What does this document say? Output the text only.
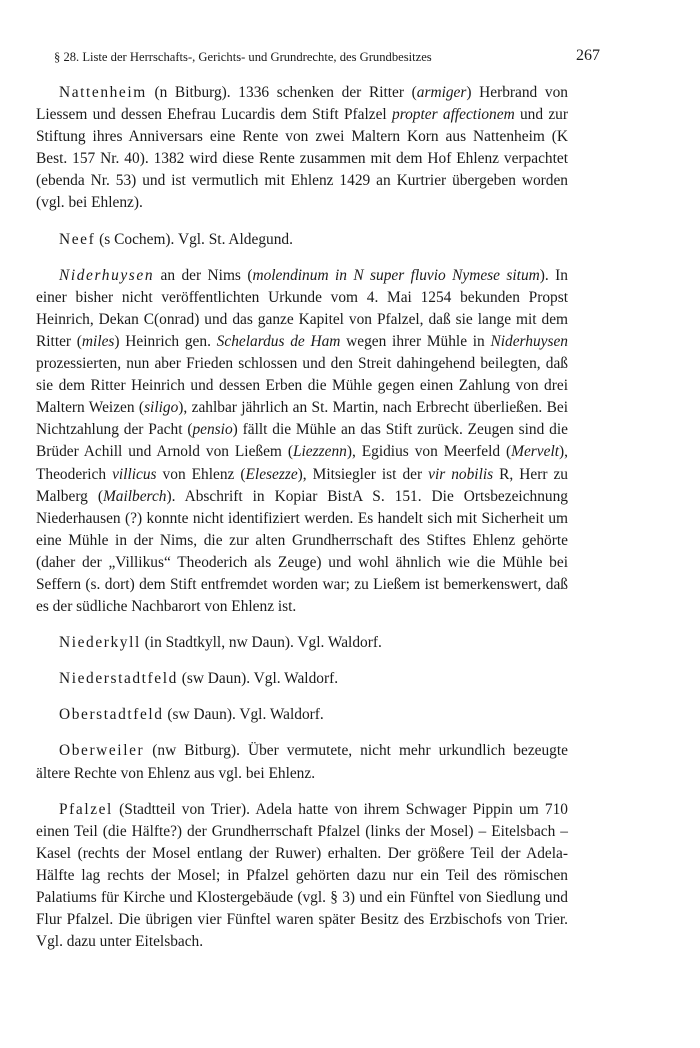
§ 28. Liste der Herrschafts-, Gerichts- und Grundrechte, des Grundbesitzes	267

Nattenheim (n Bitburg). 1336 schenken der Ritter (armiger) Herbrand von Liessem und dessen Ehefrau Lucardis dem Stift Pfalzel propter affectionem und zur Stiftung ihres Anniversars eine Rente von zwei Maltern Korn aus Nattenheim (K Best. 157 Nr. 40). 1382 wird diese Rente zusammen mit dem Hof Ehlenz verpachtet (ebenda Nr. 53) und ist vermutlich mit Ehlenz 1429 an Kurtrier übergeben worden (vgl. bei Ehlenz).

Neef (s Cochem). Vgl. St. Aldegund.

Niderhuysen an der Nims (molendinum in N super fluvio Nymese situm). In einer bisher nicht veröffentlichten Urkunde vom 4. Mai 1254 bekunden Propst Heinrich, Dekan C(onrad) und das ganze Kapitel von Pfalzel, daß sie lange mit dem Ritter (miles) Heinrich gen. Schelardus de Ham wegen ihrer Mühle in Niderhuysen prozessierten, nun aber Frieden schlossen und den Streit dahingehend beilegten, daß sie dem Ritter Heinrich und dessen Erben die Mühle gegen einen Zahlung von drei Maltern Weizen (siligo), zahlbar jährlich an St. Martin, nach Erbrecht überließen. Bei Nichtzahlung der Pacht (pensio) fällt die Mühle an das Stift zurück. Zeugen sind die Brüder Achill und Arnold von Ließem (Liezzenn), Egidius von Meerfeld (Mervelt), Theoderich villicus von Ehlenz (Elesezze), Mitsiegler ist der vir nobilis R, Herr zu Malberg (Mailberch). Abschrift in Kopiar BistA S. 151. Die Ortsbezeichnung Niederhausen (?) konnte nicht identifiziert werden. Es handelt sich mit Sicherheit um eine Mühle in der Nims, die zur alten Grundherrschaft des Stiftes Ehlenz gehörte (daher der „Villikus“ Theoderich als Zeuge) und wohl ähnlich wie die Mühle bei Seffern (s. dort) dem Stift entfremdet worden war; zu Ließem ist bemerkenswert, daß es der südliche Nachbarort von Ehlenz ist.

Niederkyll (in Stadtkyll, nw Daun). Vgl. Waldorf.

Niederstadtfeld (sw Daun). Vgl. Waldorf.

Oberstadtfeld (sw Daun). Vgl. Waldorf.

Oberweiler (nw Bitburg). Über vermutete, nicht mehr urkundlich bezeugte ältere Rechte von Ehlenz aus vgl. bei Ehlenz.

Pfalzel (Stadtteil von Trier). Adela hatte von ihrem Schwager Pippin um 710 einen Teil (die Hälfte?) der Grundherrschaft Pfalzel (links der Mosel) – Eitelsbach – Kasel (rechts der Mosel entlang der Ruwer) erhalten. Der größere Teil der Adela-Hälfte lag rechts der Mosel; in Pfalzel gehörten dazu nur ein Teil des römischen Palatiums für Kirche und Klostergebäude (vgl. § 3) und ein Fünftel von Siedlung und Flur Pfalzel. Die übrigen vier Fünftel waren später Besitz des Erzbischofs von Trier. Vgl. dazu unter Eitelsbach.
